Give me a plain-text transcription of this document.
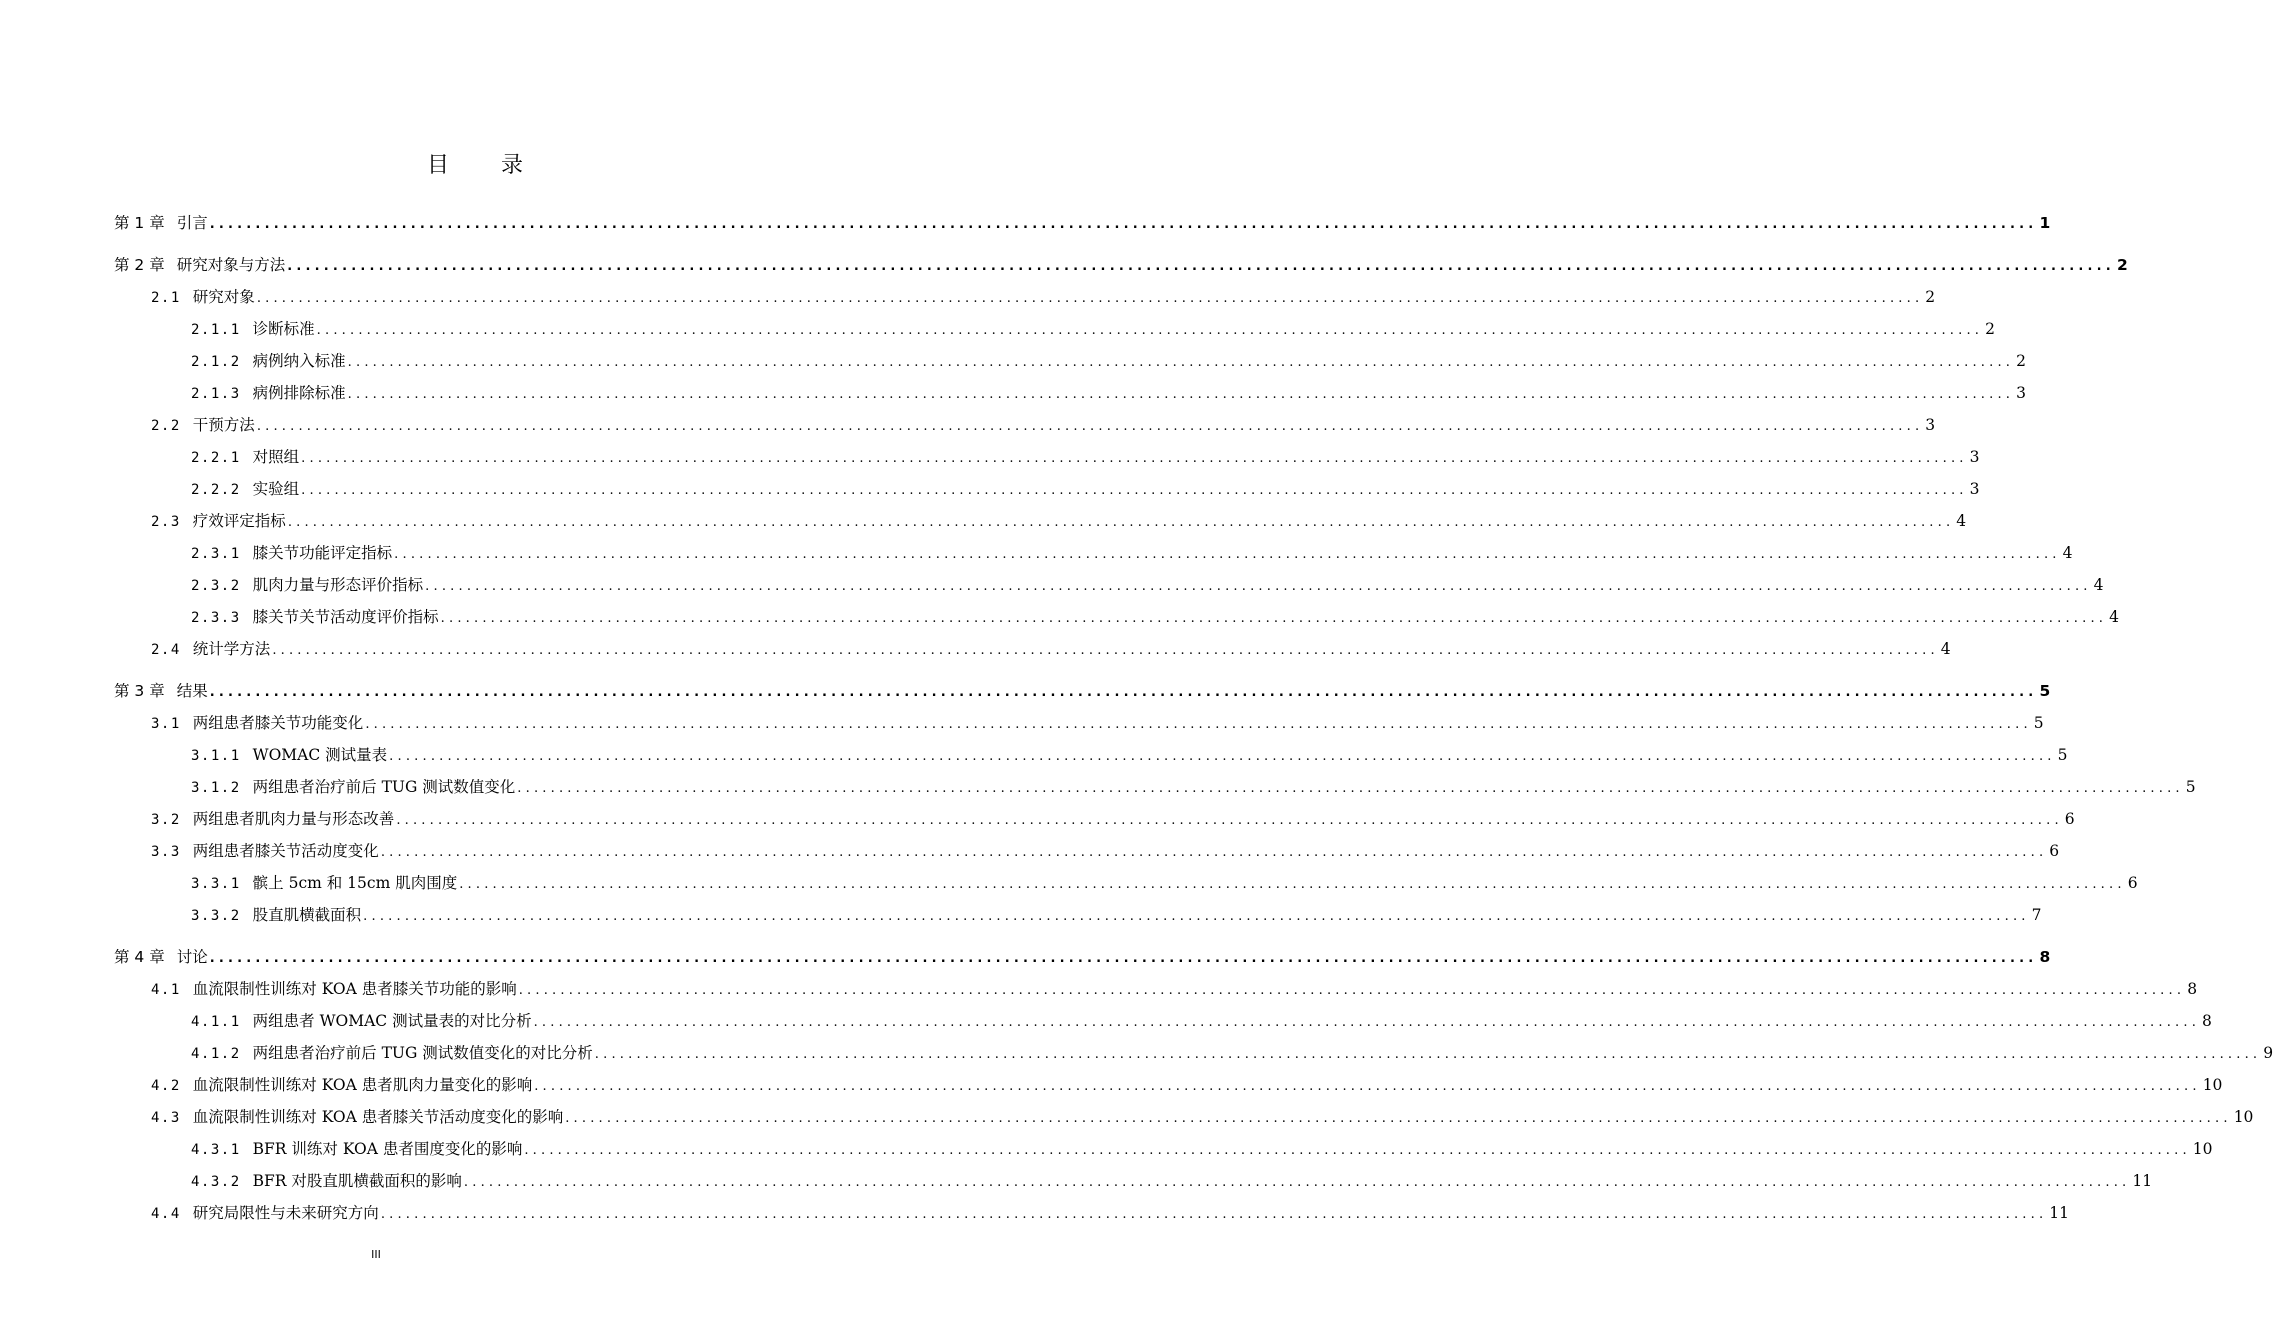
目 录
第 1 章 引言 ........................................................................................................................................................................................................ 1
第 2 章 研究对象与方法 ........................................................................................................................................................................................................ 2
2.1 研究对象 ........................................................................................................................................................................................................ 2
2.1.1 诊断标准 ........................................................................................................................................................................................................ 2
2.1.2 病例纳入标准 ........................................................................................................................................................................................................ 2
2.1.3 病例排除标准 ........................................................................................................................................................................................................ 3
2.2 干预方法 ........................................................................................................................................................................................................ 3
2.2.1 对照组 ........................................................................................................................................................................................................ 3
2.2.2 实验组 ........................................................................................................................................................................................................ 3
2.3 疗效评定指标 ........................................................................................................................................................................................................ 4
2.3.1 膝关节功能评定指标 ........................................................................................................................................................................................................ 4
2.3.2 肌肉力量与形态评价指标 ........................................................................................................................................................................................................ 4
2.3.3 膝关节关节活动度评价指标 ........................................................................................................................................................................................................ 4
2.4 统计学方法 ........................................................................................................................................................................................................ 4
第 3 章 结果 ........................................................................................................................................................................................................ 5
3.1 两组患者膝关节功能变化 ........................................................................................................................................................................................................ 5
3.1.1 WOMAC 测试量表 ........................................................................................................................................................................................................ 5
3.1.2 两组患者治疗前后 TUG 测试数值变化 ........................................................................................................................................................................................................ 5
3.2 两组患者肌肉力量与形态改善 ........................................................................................................................................................................................................ 6
3.3 两组患者膝关节活动度变化 ........................................................................................................................................................................................................ 6
3.3.1 髌上 5cm 和 15cm 肌肉围度 ........................................................................................................................................................................................................ 6
3.3.2 股直肌横截面积 ........................................................................................................................................................................................................ 7
第 4 章 讨论 ........................................................................................................................................................................................................ 8
4.1 血流限制性训练对 KOA 患者膝关节功能的影响 ........................................................................................................................................................................................................ 8
4.1.1 两组患者 WOMAC 测试量表的对比分析 ........................................................................................................................................................................................................ 8
4.1.2 两组患者治疗前后 TUG 测试数值变化的对比分析 ........................................................................................................................................................................................................ 9
4.2 血流限制性训练对 KOA 患者肌肉力量变化的影响 ........................................................................................................................................................................................................ 10
4.3 血流限制性训练对 KOA 患者膝关节活动度变化的影响 ........................................................................................................................................................................................................ 10
4.3.1 BFR 训练对 KOA 患者围度变化的影响 ........................................................................................................................................................................................................ 10
4.3.2 BFR 对股直肌横截面积的影响 ........................................................................................................................................................................................................ 11
4.4 研究局限性与未来研究方向 ........................................................................................................................................................................................................ 11
III
